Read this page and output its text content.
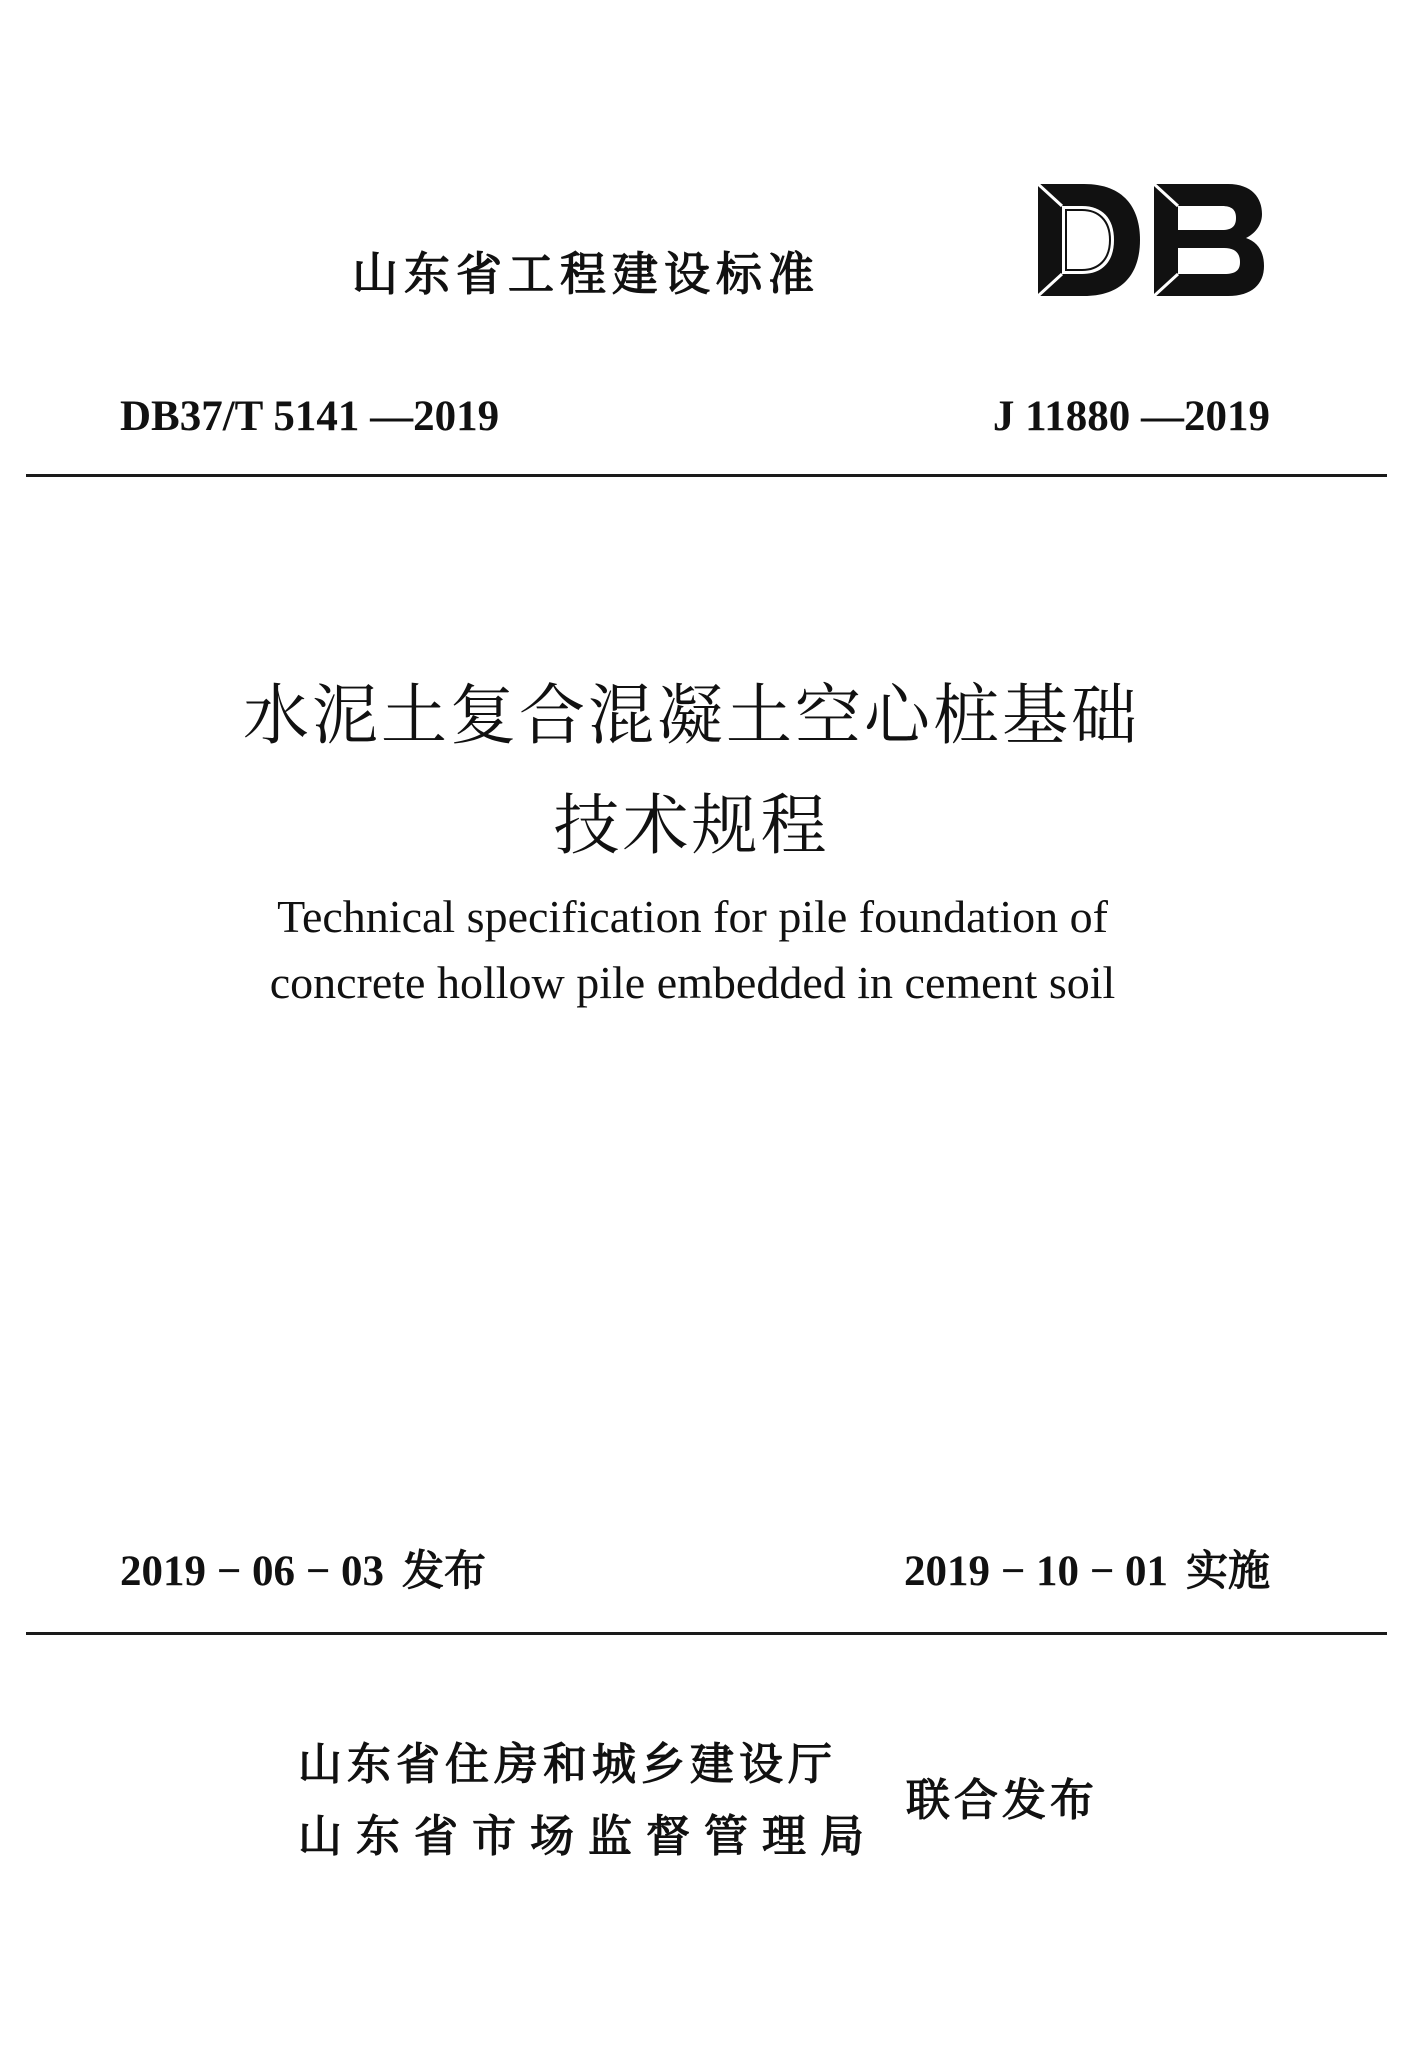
山东省工程建设标准
DB37/T 5141 —2019	J 11880 —2019
水泥土复合混凝土空心桩基础
技术规程
Technical specification for pile foundation of
concrete hollow pile embedded in cement soil
2019 − 06 − 03 发布	2019 − 10 − 01 实施
山东省住房和城乡建设厅
山东省市场监督管理局
联合发布
